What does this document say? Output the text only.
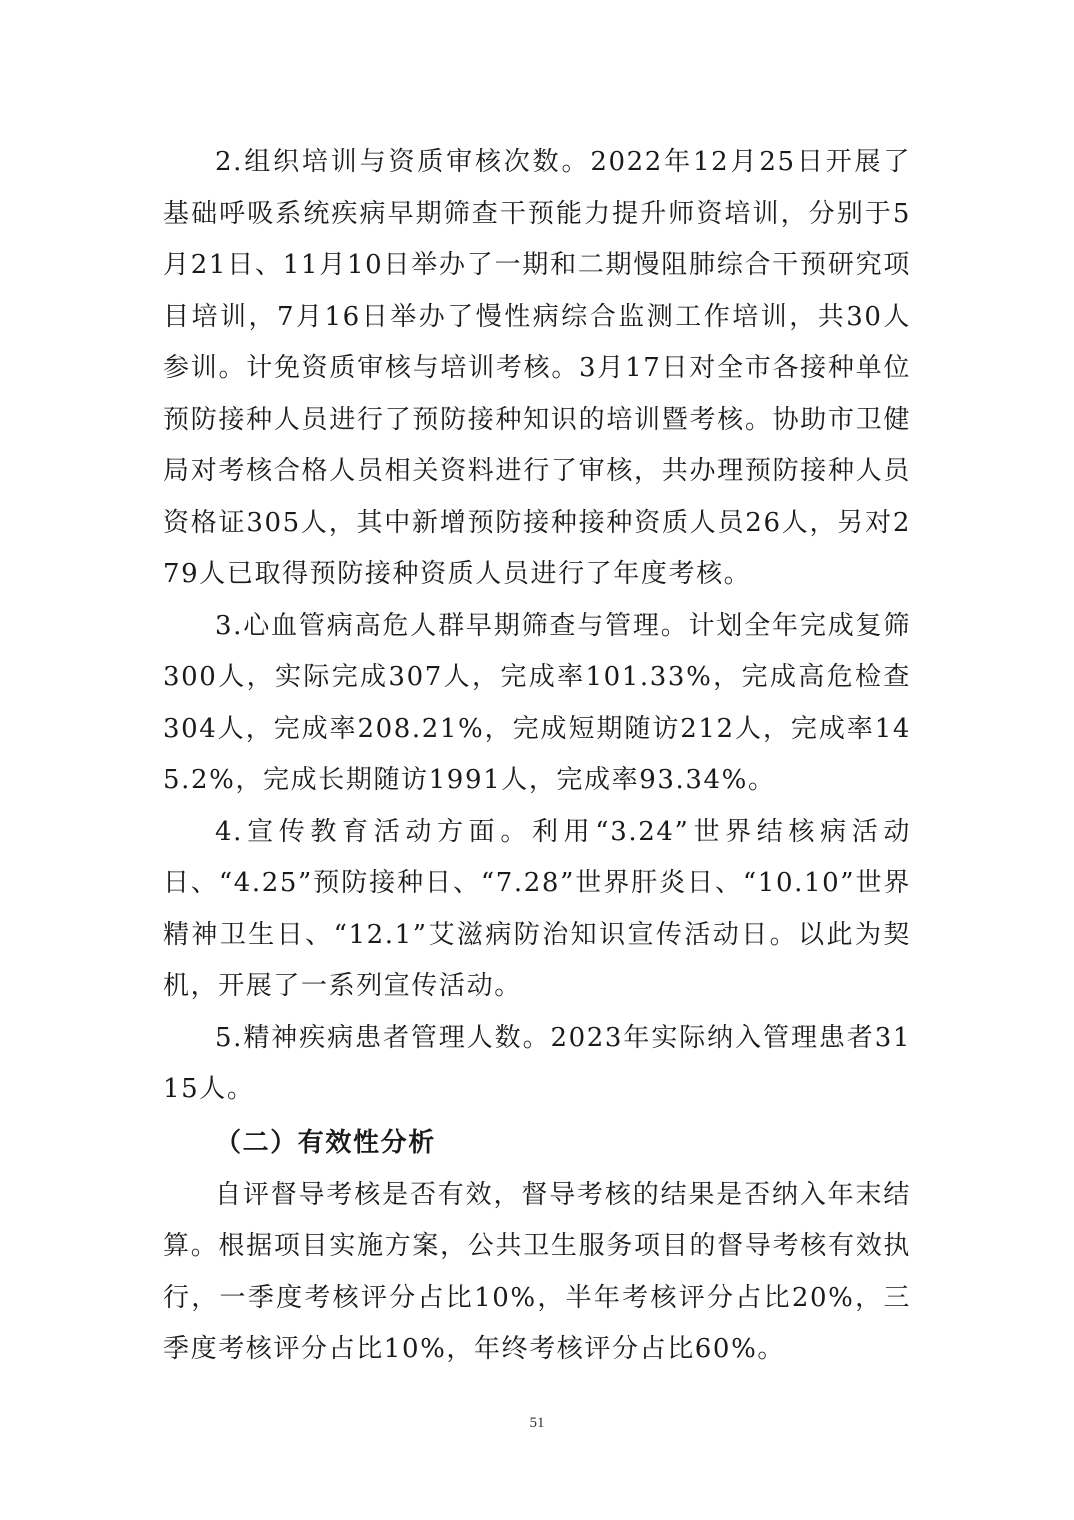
2.组织培训与资质审核次数。2022年12月25日开展了基础呼吸系统疾病早期筛查干预能力提升师资培训，分别于5月21日、11月10日举办了一期和二期慢阻肺综合干预研究项目培训，7月16日举办了慢性病综合监测工作培训，共30人参训。计免资质审核与培训考核。3月17日对全市各接种单位预防接种人员进行了预防接种知识的培训暨考核。协助市卫健局对考核合格人员相关资料进行了审核，共办理预防接种人员资格证305人，其中新增预防接种接种资质人员26人，另对279人已取得预防接种资质人员进行了年度考核。

3.心血管病高危人群早期筛查与管理。计划全年完成复筛300人，实际完成307人，完成率101.33%，完成高危检查304人，完成率208.21%，完成短期随访212人，完成率145.2%，完成长期随访1991人，完成率93.34%。

4.宣传教育活动方面。利用“3.24”世界结核病活动日、“4.25”预防接种日、“7.28”世界肝炎日、“10.10”世界精神卫生日、“12.1”艾滋病防治知识宣传活动日。以此为契机，开展了一系列宣传活动。

5.精神疾病患者管理人数。2023年实际纳入管理患者3115人。

（二）有效性分析

自评督导考核是否有效，督导考核的结果是否纳入年末结算。根据项目实施方案，公共卫生服务项目的督导考核有效执行，一季度考核评分占比10%，半年考核评分占比20%，三季度考核评分占比10%，年终考核评分占比60%。

51
